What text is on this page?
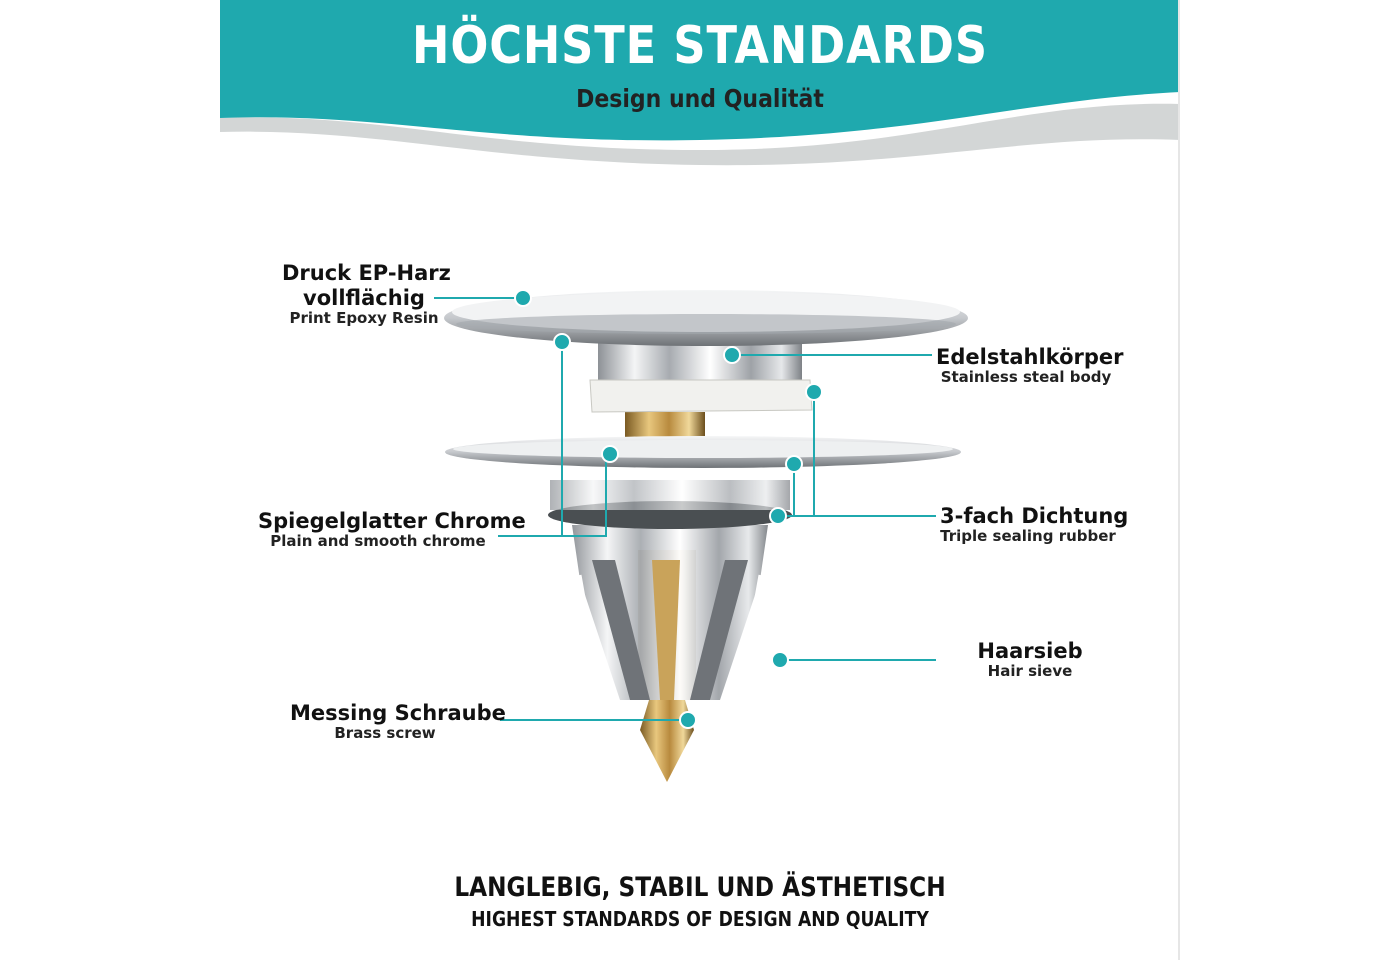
HÖCHSTE STANDARDS
Design und Qualität
Druck EP-Harz
vollflächig
Print Epoxy Resin
Spiegelglatter Chrome
Plain and smooth chrome
Messing Schraube
Brass screw
Edelstahlkörper
Stainless steal body
3-fach Dichtung
Triple sealing rubber
Haarsieb
Hair sieve
LANGLEBIG, STABIL UND ÄSTHETISCH
HIGHEST STANDARDS OF DESIGN AND QUALITY
